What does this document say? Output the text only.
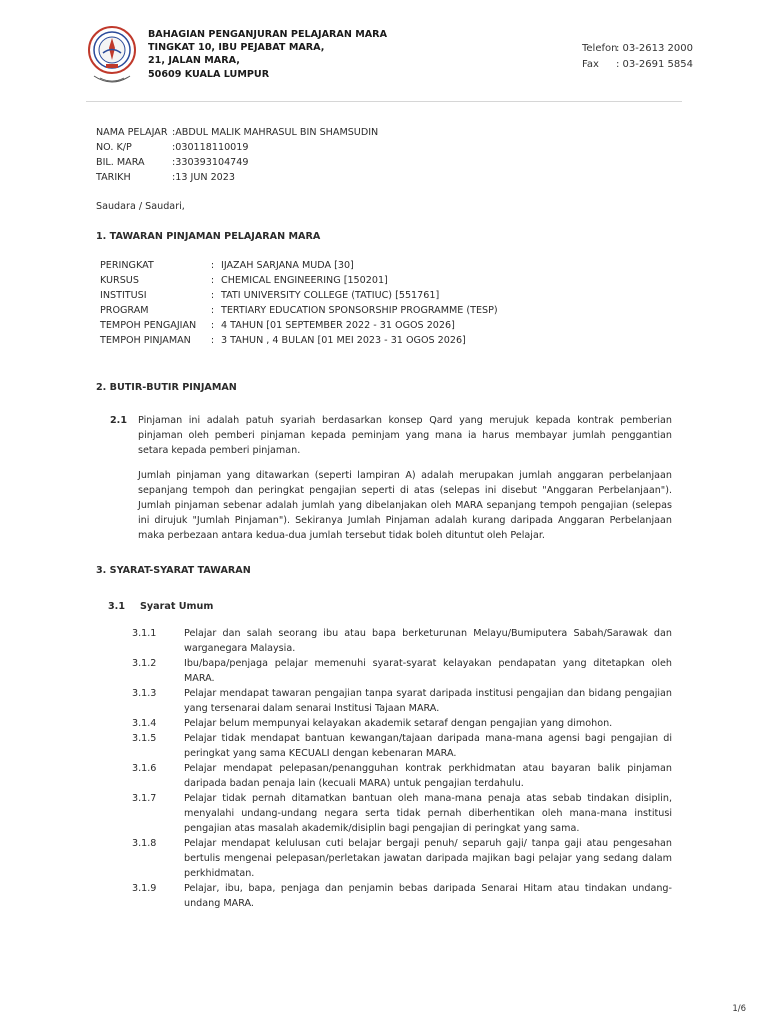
BAHAGIAN PENGANJURAN PELAJARAN MARA
TINGKAT 10, IBU PEJABAT MARA,
21, JALAN MARA,
50609 KUALA LUMPUR
Telefon: 03-2613 2000
Fax : 03-2691 5854
NAMA PELAJAR :ABDUL MALIK MAHRASUL BIN SHAMSUDIN
NO. K/P	:030118110019
BIL. MARA	:330393104749
TARIKH	:13 JUN 2023
Saudara / Saudari,
1. TAWARAN PINJAMAN PELAJARAN MARA
PERINGKAT	: IJAZAH SARJANA MUDA [30]
KURSUS	: CHEMICAL ENGINEERING [150201]
INSTITUSI	: TATI UNIVERSITY COLLEGE (TATIUC) [551761]
PROGRAM	: TERTIARY EDUCATION SPONSORSHIP PROGRAMME (TESP)
TEMPOH PENGAJIAN	: 4 TAHUN [01 SEPTEMBER 2022 - 31 OGOS 2026]
TEMPOH PINJAMAN	: 3 TAHUN , 4 BULAN [01 MEI 2023 - 31 OGOS 2026]
2. BUTIR-BUTIR PINJAMAN
2.1	Pinjaman ini adalah patuh syariah berdasarkan konsep Qard yang merujuk kepada kontrak pemberian pinjaman oleh pemberi pinjaman kepada peminjam yang mana ia harus membayar jumlah penggantian setara kepada pemberi pinjaman.
Jumlah pinjaman yang ditawarkan (seperti lampiran A) adalah merupakan jumlah anggaran perbelanjaan sepanjang tempoh dan peringkat pengajian seperti di atas (selepas ini disebut "Anggaran Perbelanjaan"). Jumlah pinjaman sebenar adalah jumlah yang dibelanjakan oleh MARA sepanjang tempoh pengajian (selepas ini dirujuk "Jumlah Pinjaman"). Sekiranya Jumlah Pinjaman adalah kurang daripada Anggaran Perbelanjaan maka perbezaan antara kedua-dua jumlah tersebut tidak boleh dituntut oleh Pelajar.
3. SYARAT-SYARAT TAWARAN
3.1	Syarat Umum
3.1.1	Pelajar dan salah seorang ibu atau bapa berketurunan Melayu/Bumiputera Sabah/Sarawak dan warganegara Malaysia.
3.1.2	Ibu/bapa/penjaga pelajar memenuhi syarat-syarat kelayakan pendapatan yang ditetapkan oleh MARA.
3.1.3	Pelajar mendapat tawaran pengajian tanpa syarat daripada institusi pengajian dan bidang pengajian yang tersenarai dalam senarai Institusi Tajaan MARA.
3.1.4	Pelajar belum mempunyai kelayakan akademik setaraf dengan pengajian yang dimohon.
3.1.5	Pelajar tidak mendapat bantuan kewangan/tajaan daripada mana-mana agensi bagi pengajian di peringkat yang sama KECUALI dengan kebenaran MARA.
3.1.6	Pelajar mendapat pelepasan/penangguhan kontrak perkhidmatan atau bayaran balik pinjaman daripada badan penaja lain (kecuali MARA) untuk pengajian terdahulu.
3.1.7	Pelajar tidak pernah ditamatkan bantuan oleh mana-mana penaja atas sebab tindakan disiplin, menyalahi undang-undang negara serta tidak pernah diberhentikan oleh mana-mana institusi pengajian atas masalah akademik/disiplin bagi pengajian di peringkat yang sama.
3.1.8	Pelajar mendapat kelulusan cuti belajar bergaji penuh/ separuh gaji/ tanpa gaji atau pengesahan bertulis mengenai pelepasan/perletakan jawatan daripada majikan bagi pelajar yang sedang dalam perkhidmatan.
3.1.9	Pelajar, ibu, bapa, penjaga dan penjamin bebas daripada Senarai Hitam atau tindakan undang-undang MARA.
1/6
